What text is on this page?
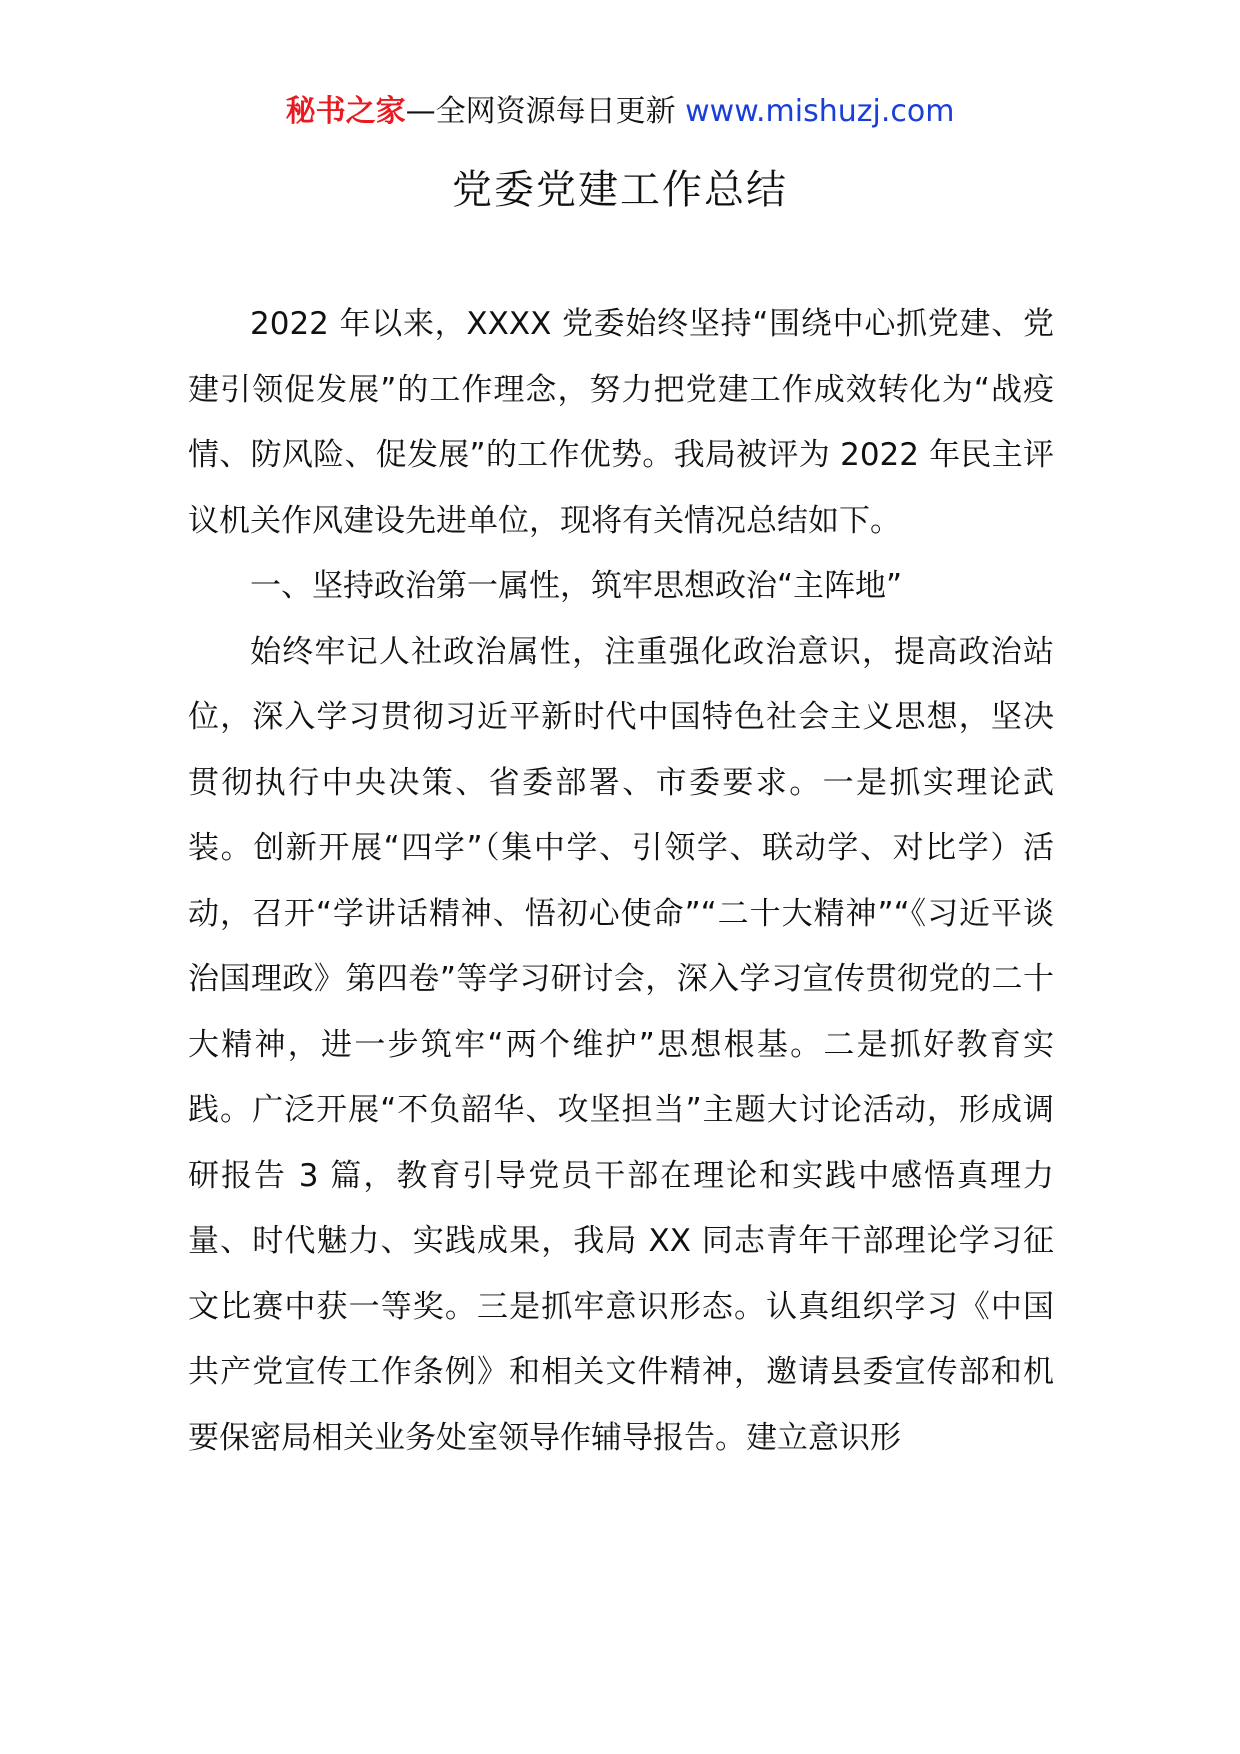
秘书之家—全网资源每日更新 www.mishuzj.com
党委党建工作总结

2022 年以来，XXXX 党委始终坚持“围绕中心抓党建、党建引领促发展”的工作理念，努力把党建工作成效转化为“战疫情、防风险、促发展”的工作优势。我局被评为 2022 年民主评议机关作风建设先进单位，现将有关情况总结如下。

一、坚持政治第一属性，筑牢思想政治“主阵地”

始终牢记人社政治属性，注重强化政治意识，提高政治站位，深入学习贯彻习近平新时代中国特色社会主义思想，坚决贯彻执行中央决策、省委部署、市委要求。一是抓实理论武装。创新开展“四学”（集中学、引领学、联动学、对比学）活动，召开“学讲话精神、悟初心使命”“二十大精神”“《习近平谈治国理政》第四卷”等学习研讨会，深入学习宣传贯彻党的二十大精神，进一步筑牢“两个维护”思想根基。二是抓好教育实践。广泛开展“不负韶华、攻坚担当”主题大讨论活动，形成调研报告 3 篇，教育引导党员干部在理论和实践中感悟真理力量、时代魅力、实践成果，我局 XX 同志青年干部理论学习征文比赛中获一等奖。三是抓牢意识形态。认真组织学习《中国共产党宣传工作条例》和相关文件精神，邀请县委宣传部和机要保密局相关业务处室领导作辅导报告。建立意识形
